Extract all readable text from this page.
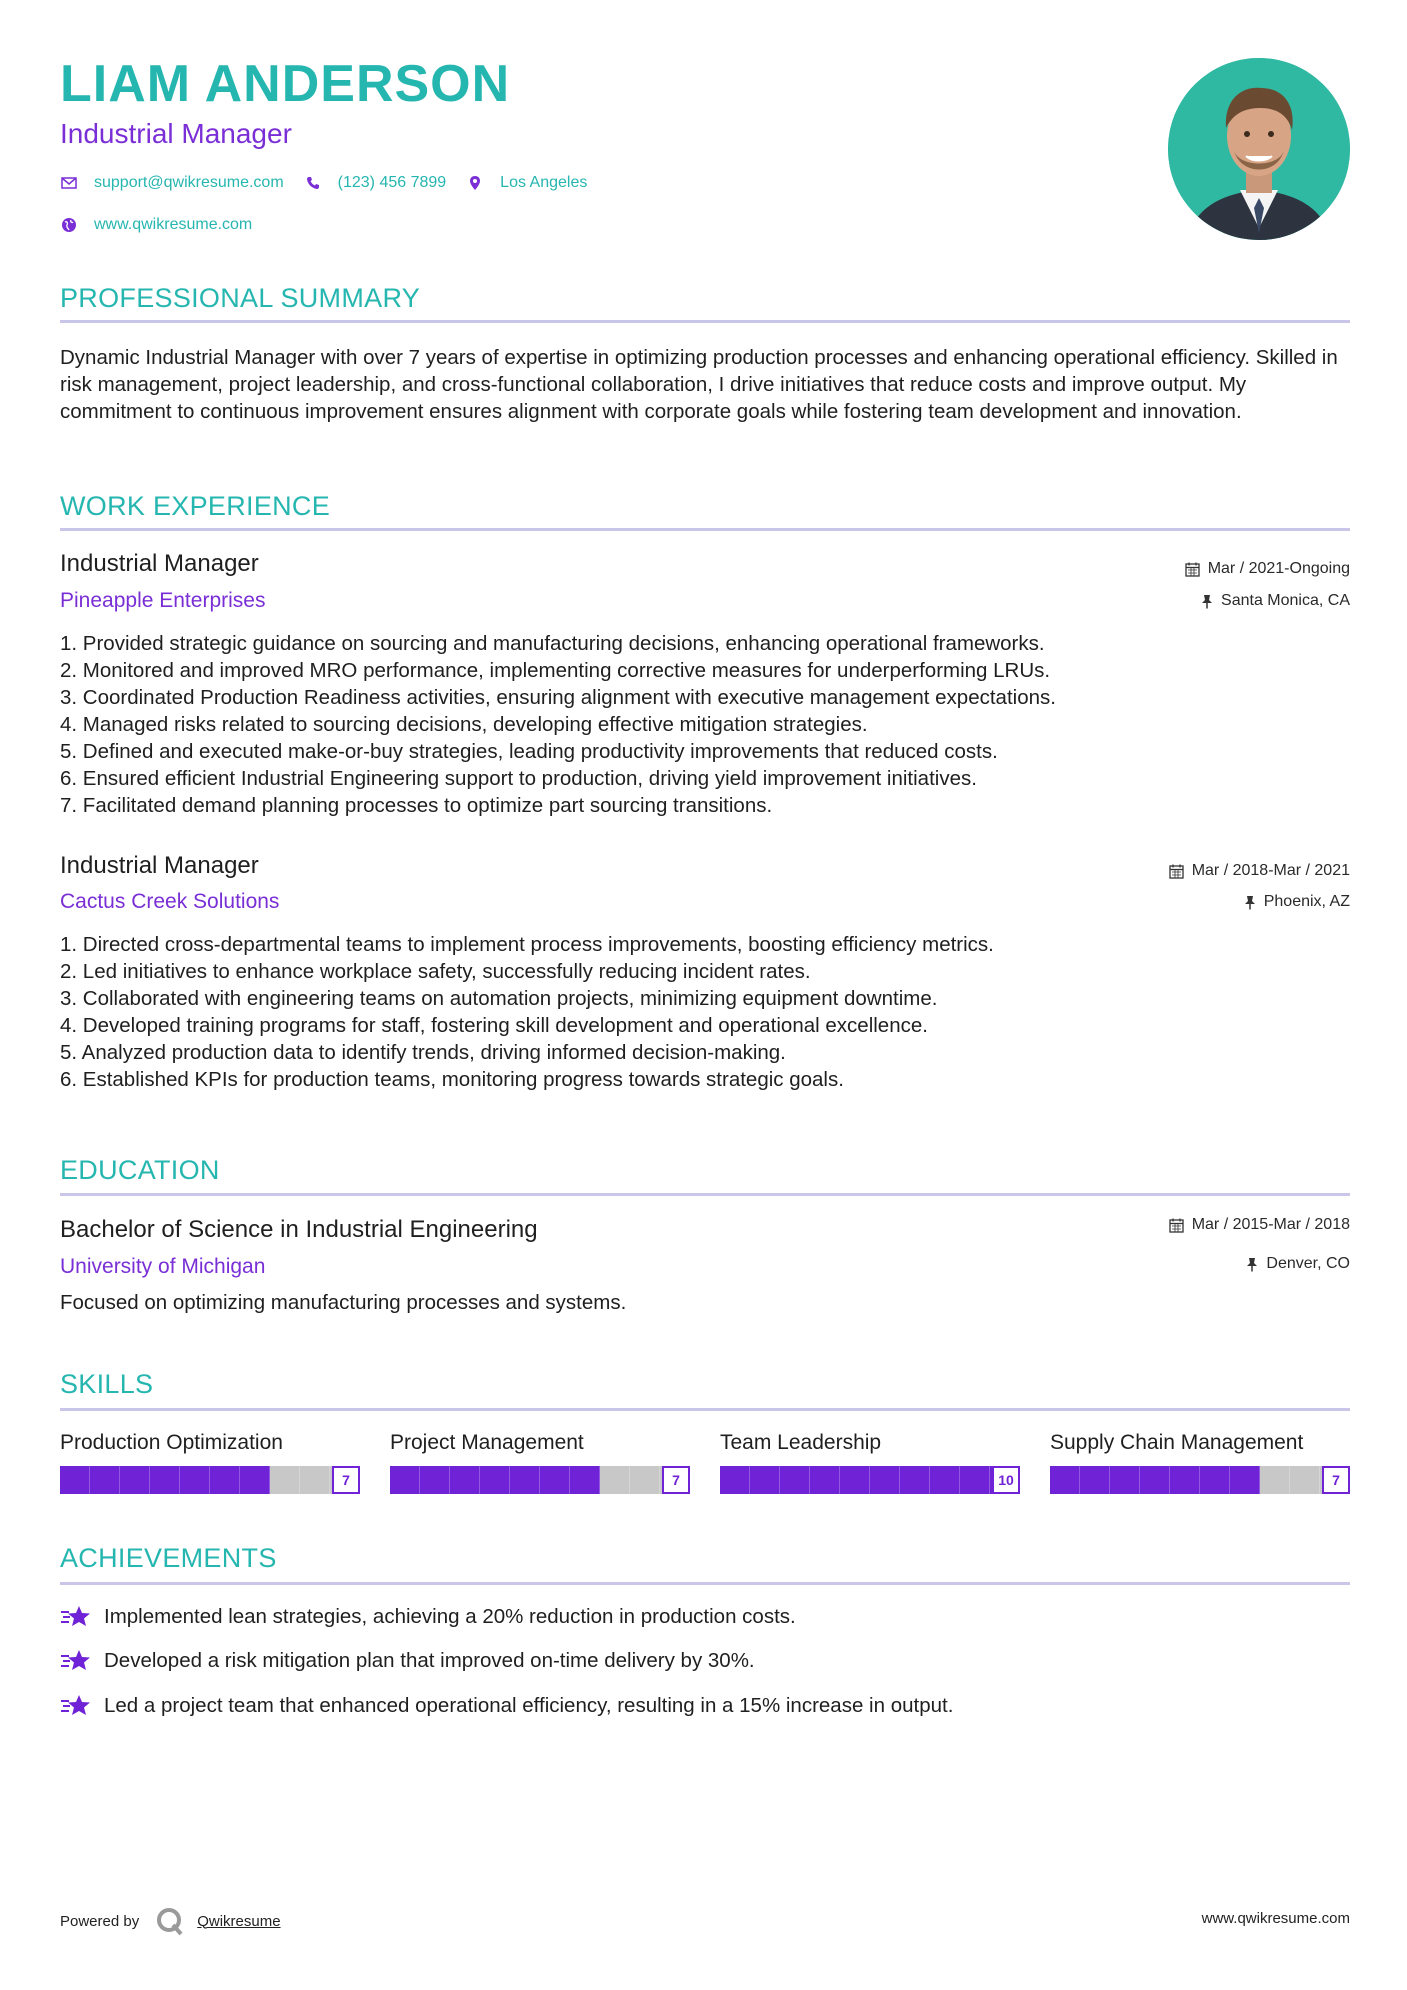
LIAM ANDERSON
Industrial Manager
support@qwikresume.com	(123) 456 7899	Los Angeles
www.qwikresume.com
PROFESSIONAL SUMMARY
Dynamic Industrial Manager with over 7 years of expertise in optimizing production processes and enhancing operational efficiency. Skilled in risk management, project leadership, and cross-functional collaboration, I drive initiatives that reduce costs and improve output. My commitment to continuous improvement ensures alignment with corporate goals while fostering team development and innovation.
WORK EXPERIENCE
Industrial Manager	Mar / 2021-Ongoing
Pineapple Enterprises	Santa Monica, CA
1. Provided strategic guidance on sourcing and manufacturing decisions, enhancing operational frameworks.
2. Monitored and improved MRO performance, implementing corrective measures for underperforming LRUs.
3. Coordinated Production Readiness activities, ensuring alignment with executive management expectations.
4. Managed risks related to sourcing decisions, developing effective mitigation strategies.
5. Defined and executed make-or-buy strategies, leading productivity improvements that reduced costs.
6. Ensured efficient Industrial Engineering support to production, driving yield improvement initiatives.
7. Facilitated demand planning processes to optimize part sourcing transitions.
Industrial Manager	Mar / 2018-Mar / 2021
Cactus Creek Solutions	Phoenix, AZ
1. Directed cross-departmental teams to implement process improvements, boosting efficiency metrics.
2. Led initiatives to enhance workplace safety, successfully reducing incident rates.
3. Collaborated with engineering teams on automation projects, minimizing equipment downtime.
4. Developed training programs for staff, fostering skill development and operational excellence.
5. Analyzed production data to identify trends, driving informed decision-making.
6. Established KPIs for production teams, monitoring progress towards strategic goals.
EDUCATION
Bachelor of Science in Industrial Engineering	Mar / 2015-Mar / 2018
University of Michigan	Denver, CO
Focused on optimizing manufacturing processes and systems.
SKILLS
Production Optimization
7
Project Management
7
Team Leadership
10
Supply Chain Management
7
ACHIEVEMENTS
Implemented lean strategies, achieving a 20% reduction in production costs.
Developed a risk mitigation plan that improved on-time delivery by 30%.
Led a project team that enhanced operational efficiency, resulting in a 15% increase in output.
Powered by	Qwikresume	www.qwikresume.com
